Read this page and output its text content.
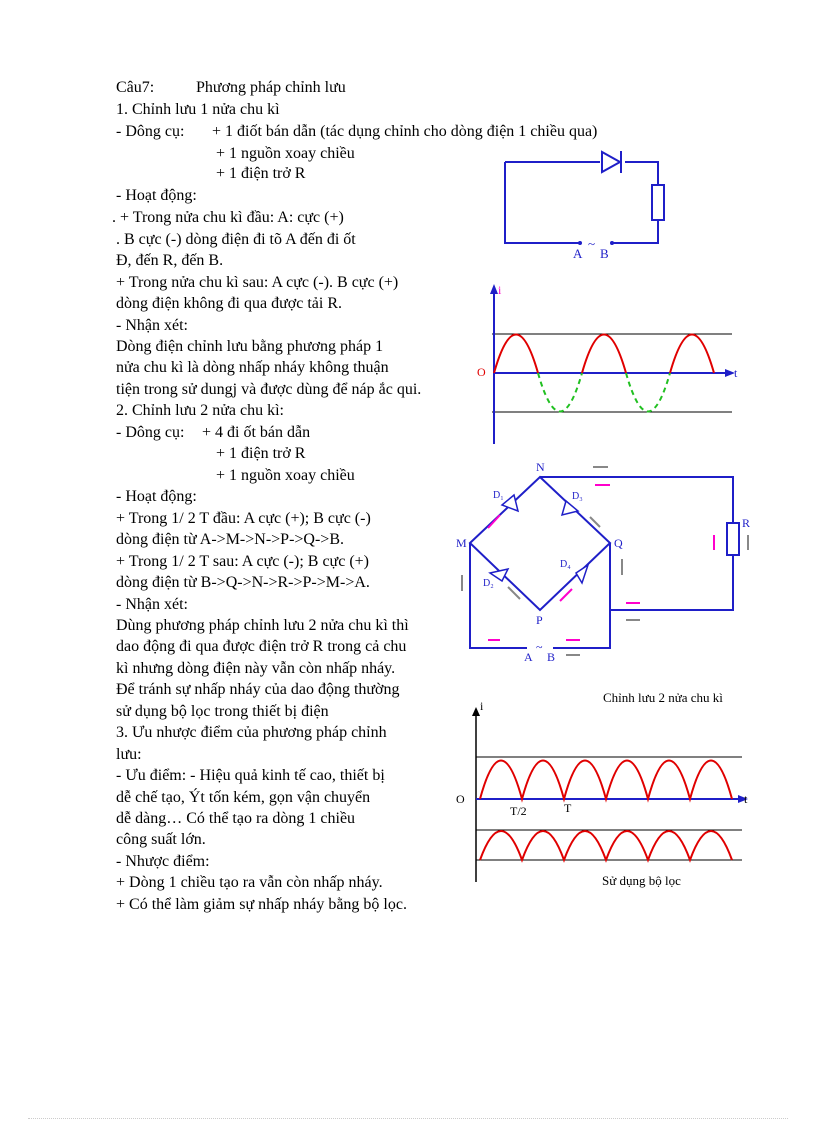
Câu7:	Phương pháp chỉnh lưu
1. Chỉnh lưu 1 nửa chu kì
- Dông cụ: + 1 điốt bán dẫn (tác dụng chỉnh cho dòng điện 1 chiều qua)
+ 1 nguồn xoay chiều
+ 1 điện trở R
- Hoạt động:
. + Trong nửa chu kì đầu: A: cực (+)
. B cực (-) dòng điện đi tõ A đến đi ốt
Đ, đến R, đến B.
+ Trong nửa chu kì sau: A cực (-). B cực (+)
dòng điện không đi qua được tải R.
- Nhận xét:
Dòng điện chỉnh lưu bằng phương pháp 1
nửa chu kì là dòng nhấp nháy không thuận
tiện trong sử dungj và được dùng để náp ắc qui.
2. Chỉnh lưu 2 nửa chu kì:
- Dông cụ: + 4 đi ốt bán dẫn
+ 1 điện trở R
+ 1 nguồn xoay chiều
- Hoạt động:
+ Trong 1/ 2 T đầu: A cực (+); B cực (-)
dòng điện từ A->M->N->P->Q->B.
+ Trong 1/ 2 T sau: A cực (-); B cực (+)
dòng điện từ B->Q->N->R->P->M->A.
- Nhận xét:
Dùng phương pháp chỉnh lưu 2 nửa chu kì thì
dao động đi qua được điện trở R trong cả chu
kì nhưng dòng điện này vẫn còn nhấp nháy.
Để tránh sự nhấp nháy của dao động thường
sử dụng bộ lọc trong thiết bị điện
3. Ưu nhược điểm của phương pháp chỉnh
lưu:
- Ưu điểm: - Hiệu quả kinh tế cao, thiết bị
dễ chế tạo, Ýt tốn kém, gọn vận chuyển
dễ dàng… Có thể tạo ra dòng 1 chiều
công suất lớn.
- Nhược điểm:
+ Dòng 1 chiều tạo ra vẫn còn nhấp nháy.
+ Có thể làm giảm sự nhấp nháy bằng bộ lọc.
A
~
B
i
O	t
D₁	D₃
D₂
D₄
N
M	Q
P
R
A
~
B
Chỉnh lưu 2 nửa chu kì
i
O	t
T/2	T
Sử dụng bộ lọc
